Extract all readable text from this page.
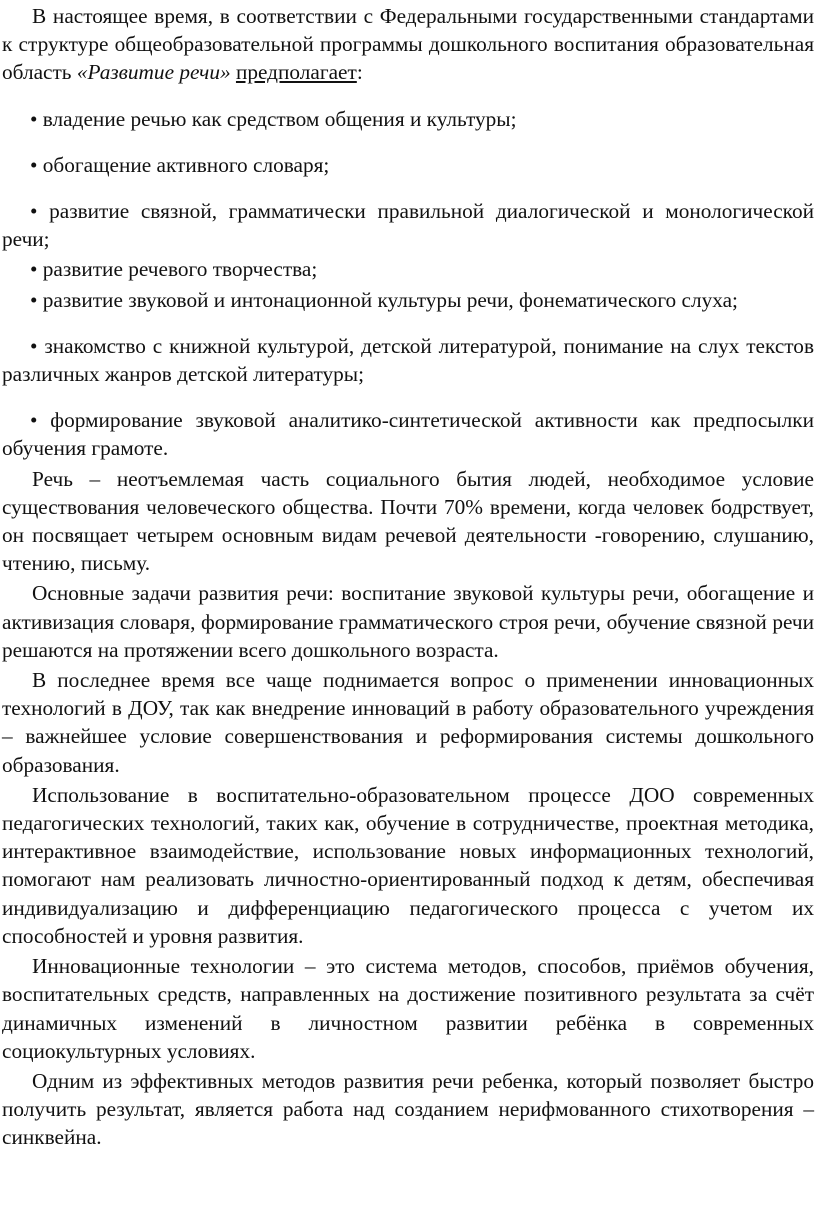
В настоящее время, в соответствии с Федеральными государственными стандартами к структуре общеобразовательной программы дошкольного воспитания образовательная область «Развитие речи» предполагает:

• владение речью как средством общения и культуры;

• обогащение активного словаря;

• развитие связной, грамматически правильной диалогической и монологической речи;

• развитие речевого творчества;

• развитие звуковой и интонационной культуры речи, фонематического слуха;

• знакомство с книжной культурой, детской литературой, понимание на слух текстов различных жанров детской литературы;

• формирование звуковой аналитико-синтетической активности как предпосылки обучения грамоте.

Речь – неотъемлемая часть социального бытия людей, необходимое условие существования человеческого общества. Почти 70% времени, когда человек бодрствует, он посвящает четырем основным видам речевой деятельности -говорению, слушанию, чтению, письму.

Основные задачи развития речи: воспитание звуковой культуры речи, обогащение и активизация словаря, формирование грамматического строя речи, обучение связной речи решаются на протяжении всего дошкольного возраста.

В последнее время все чаще поднимается вопрос о применении инновационных технологий в ДОУ, так как внедрение инноваций в работу образовательного учреждения – важнейшее условие совершенствования и реформирования системы дошкольного образования.

Использование в воспитательно-образовательном процессе ДОО современных педагогических технологий, таких как, обучение в сотрудничестве, проектная методика, интерактивное взаимодействие, использование новых информационных технологий, помогают нам реализовать личностно-ориентированный подход к детям, обеспечивая индивидуализацию и дифференциацию педагогического процесса с учетом их способностей и уровня развития.

Инновационные технологии – это система методов, способов, приёмов обучения, воспитательных средств, направленных на достижение позитивного результата за счёт динамичных изменений в личностном развитии ребёнка в современных социокультурных условиях.

Одним из эффективных методов развития речи ребенка, который позволяет быстро получить результат, является работа над созданием нерифмованного стихотворения – синквейна.
